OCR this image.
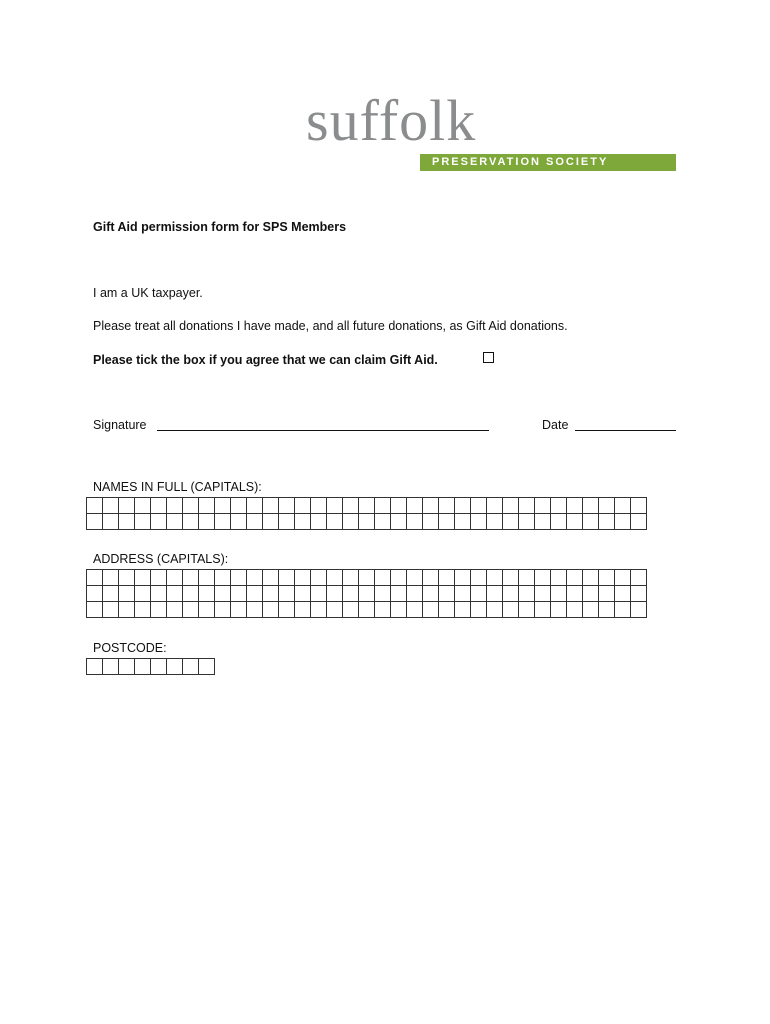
suffolk
PRESERVATION SOCIETY
Gift Aid permission form for SPS Members
I am a UK taxpayer.
Please treat all donations I have made, and all future donations, as Gift Aid donations.
Please tick the box if you agree that we can claim Gift Aid.
Signature	Date
NAMES IN FULL (CAPITALS):

ADDRESS (CAPITALS):

POSTCODE:
